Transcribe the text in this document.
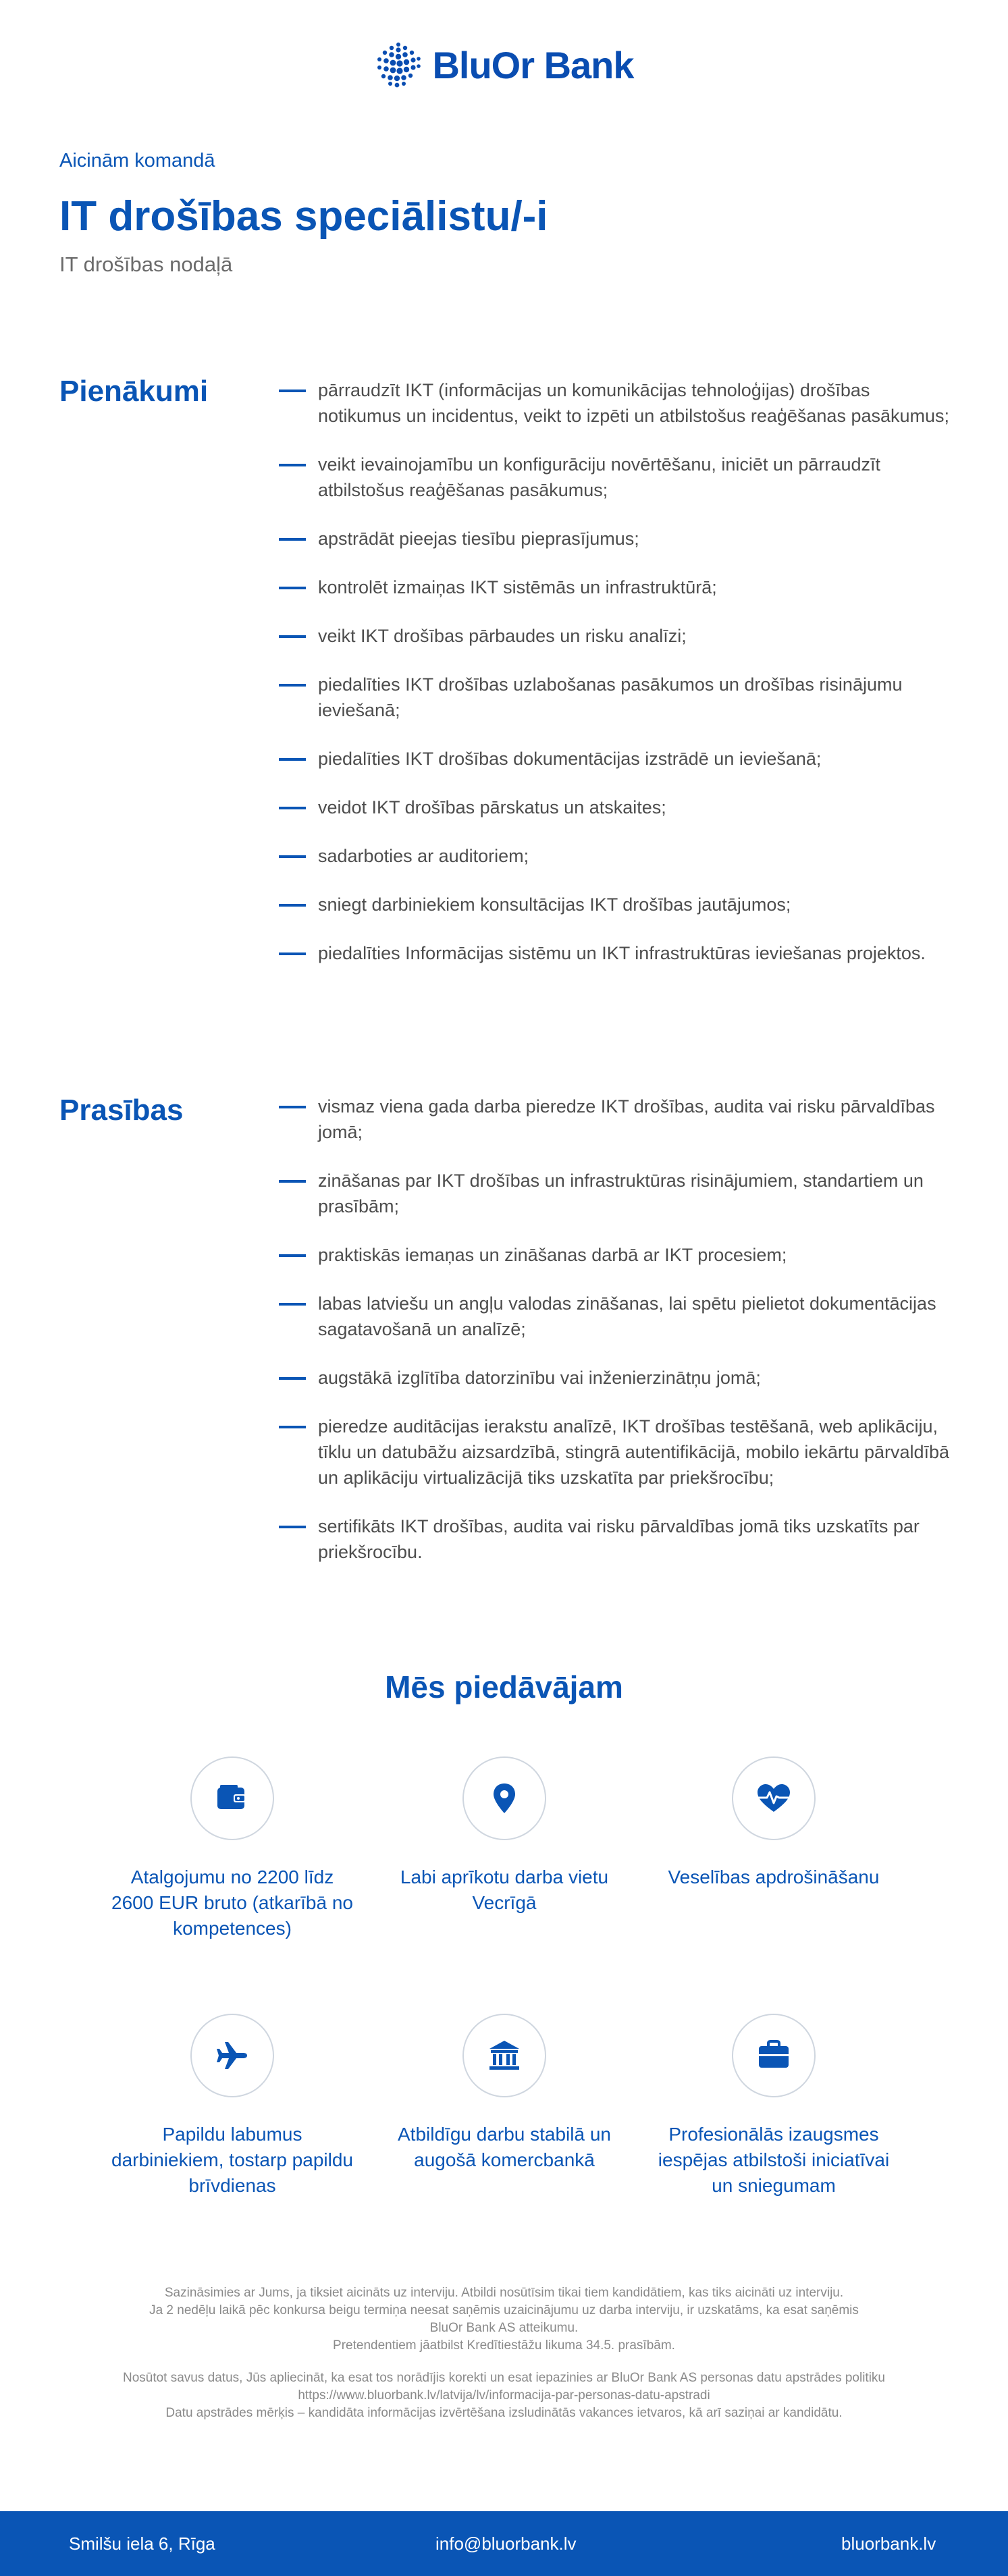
BluOr Bank
Aicinām komandā
IT drošības speciālistu/-i
IT drošības nodaļā
Pienākumi	pārraudzīt IKT (informācijas un komunikācijas tehnoloģijas) drošības notikumus un incidentus, veikt to izpēti un atbilstošus reaģēšanas pasākumus;
veikt ievainojamību un konfigurāciju novērtēšanu, iniciēt un pārraudzīt atbilstošus reaģēšanas pasākumus;
apstrādāt pieejas tiesību pieprasījumus;
kontrolēt izmaiņas IKT sistēmās un infrastruktūrā;
veikt IKT drošības pārbaudes un risku analīzi;
piedalīties IKT drošības uzlabošanas pasākumos un drošības risinājumu ieviešanā;
piedalīties IKT drošības dokumentācijas izstrādē un ieviešanā;
veidot IKT drošības pārskatus un atskaites;
sadarboties ar auditoriem;
sniegt darbiniekiem konsultācijas IKT drošības jautājumos;
piedalīties Informācijas sistēmu un IKT infrastruktūras ieviešanas projektos.
Prasības	vismaz viena gada darba pieredze IKT drošības, audita vai risku pārvaldības jomā;
zināšanas par IKT drošības un infrastruktūras risinājumiem, standartiem un prasībām;
praktiskās iemaņas un zināšanas darbā ar IKT procesiem;
labas latviešu un angļu valodas zināšanas, lai spētu pielietot dokumentācijas sagatavošanā un analīzē;
augstākā izglītība datorzinību vai inženierzinātņu jomā;
pieredze auditācijas ierakstu analīzē, IKT drošības testēšanā, web aplikāciju, tīklu un datubāžu aizsardzībā, stingrā autentifikācijā, mobilo iekārtu pārvaldībā un aplikāciju virtualizācijā tiks uzskatīta par priekšrocību;
sertifikāts IKT drošības, audita vai risku pārvaldības jomā tiks uzskatīts par priekšrocību.
Mēs piedāvājam
Atalgojumu no 2200 līdz 2600 EUR bruto (atkarībā no kompetences)
Labi aprīkotu darba vietu Vecrīgā
Veselības apdrošināšanu
Papildu labumus darbiniekiem, tostarp papildu brīvdienas
Atbildīgu darbu stabilā un augošā komercbankā
Profesionālās izaugsmes iespējas atbilstoši iniciatīvai un sniegumam
Sazināsimies ar Jums, ja tiksiet aicināts uz interviju. Atbildi nosūtīsim tikai tiem kandidātiem, kas tiks aicināti uz interviju.
Ja 2 nedēļu laikā pēc konkursa beigu termiņa neesat saņēmis uzaicinājumu uz darba interviju, ir uzskatāms, ka esat saņēmis
BluOr Bank AS atteikumu.
Pretendentiem jāatbilst Kredītiestāžu likuma 34.5. prasībām.
Nosūtot savus datus, Jūs apliecināt, ka esat tos norādījis korekti un esat iepazinies ar BluOr Bank AS personas datu apstrādes politiku
https://www.bluorbank.lv/latvija/lv/informacija-par-personas-datu-apstradi
Datu apstrādes mērķis – kandidāta informācijas izvērtēšana izsludinātās vakances ietvaros, kā arī saziņai ar kandidātu.
Smilšu iela 6, Rīga	info@bluorbank.lv	bluorbank.lv
